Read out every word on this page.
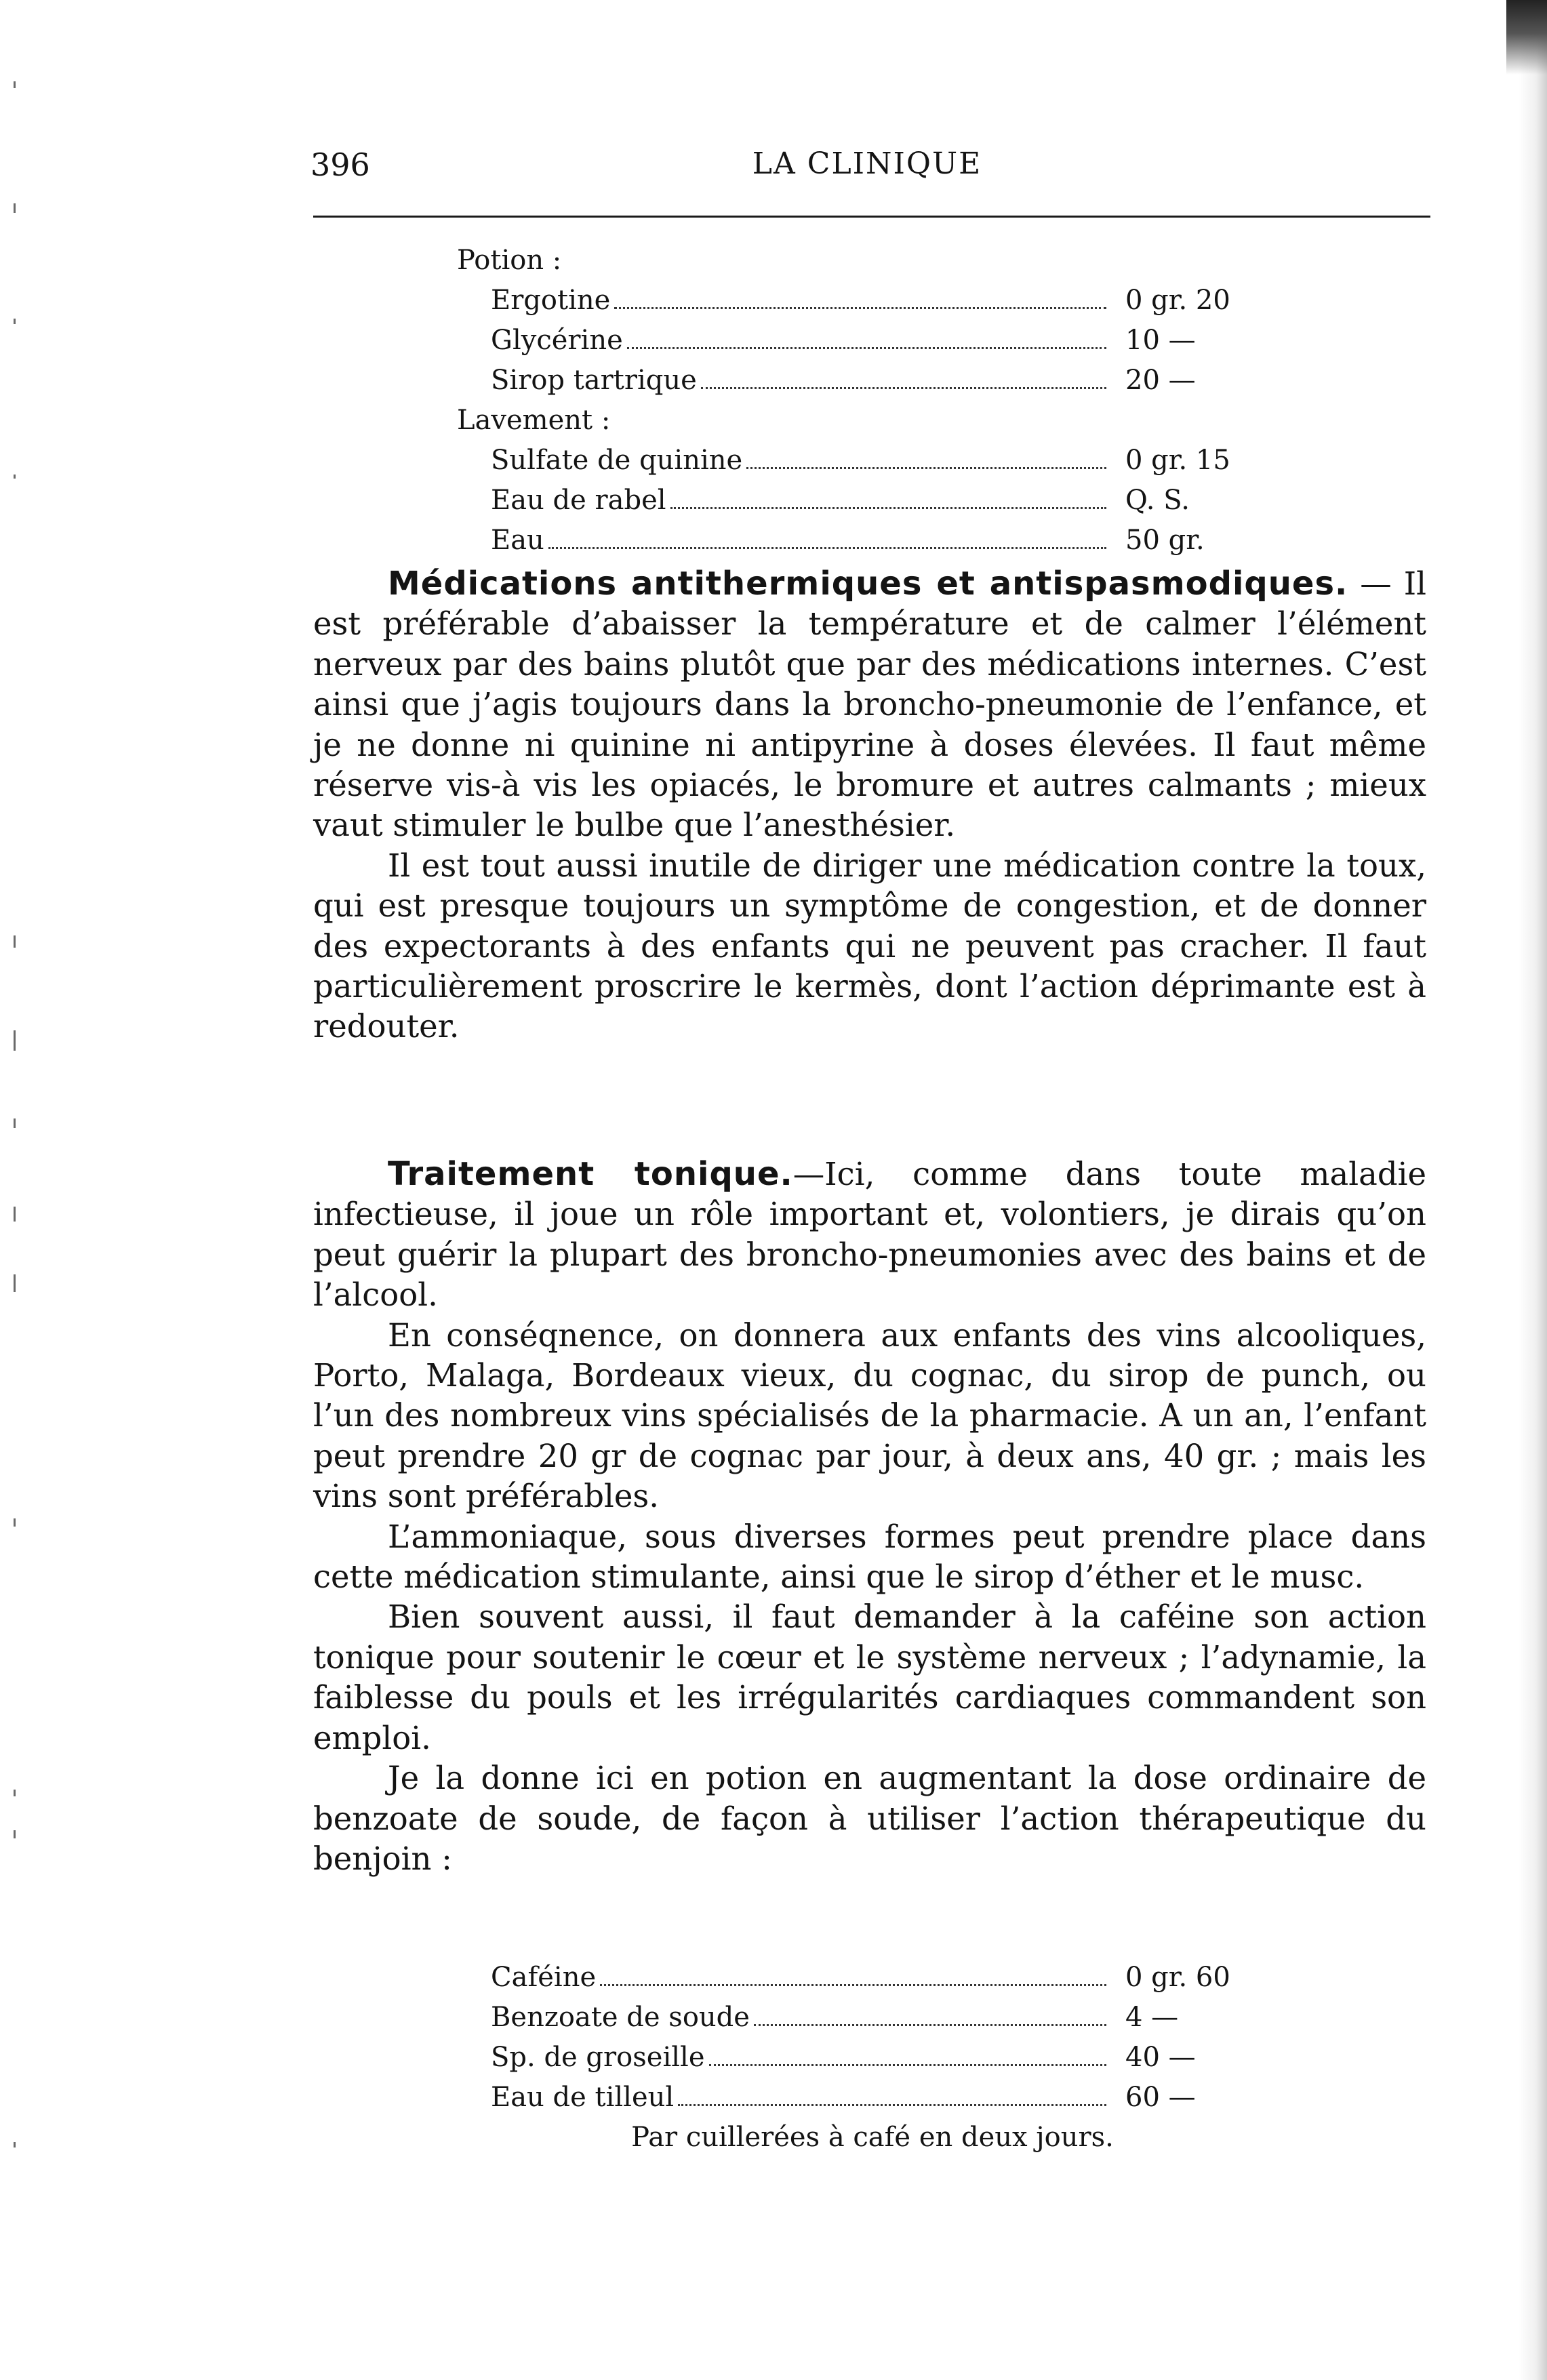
396	LA CLINIQUE
Potion :
Ergotine	0 gr. 20
Glycérine	10 —
Sirop tartrique	20 —
Lavement :
Sulfate de quinine	0 gr. 15
Eau de rabel	Q. S.
Eau	50 gr.

Médications antithermiques et antispasmodiques. — Il est préférable d’abaisser la température et de calmer l’élément nerveux par des bains plutôt que par des médications internes. C’est ainsi que j’agis toujours dans la broncho-pneumonie de l’enfance, et je ne donne ni quinine ni antipyrine à doses élevées. Il faut même réserve vis-à vis les opiacés, le bromure et autres calmants ; mieux vaut stimuler le bulbe que l’anesthésier.

Il est tout aussi inutile de diriger une médication contre la toux, qui est presque toujours un symptôme de congestion, et de donner des expectorants à des enfants qui ne peuvent pas cracher. Il faut particulièrement proscrire le kermès, dont l’action déprimante est à redouter.

Traitement tonique.—Ici, comme dans toute maladie infectieuse, il joue un rôle important et, volontiers, je dirais qu’on peut guérir la plupart des broncho-pneumonies avec des bains et de l’alcool.

En conséqnence, on donnera aux enfants des vins alcooliques, Porto, Malaga, Bordeaux vieux, du cognac, du sirop de punch, ou l’un des nombreux vins spécialisés de la pharmacie. A un an, l’enfant peut prendre 20 gr de cognac par jour, à deux ans, 40 gr. ; mais les vins sont préférables.

L’ammoniaque, sous diverses formes peut prendre place dans cette médication stimulante, ainsi que le sirop d’éther et le musc.

Bien souvent aussi, il faut demander à la caféine son action tonique pour soutenir le cœur et le système nerveux ; l’adynamie, la faiblesse du pouls et les irrégularités cardiaques commandent son emploi.

Je la donne ici en potion en augmentant la dose ordinaire de benzoate de soude, de façon à utiliser l’action thérapeutique du benjoin :

Caféine	0 gr. 60
Benzoate de soude	4 —
Sp. de groseille	40 —
Eau de tilleul	60 —
Par cuillerées à café en deux jours.
